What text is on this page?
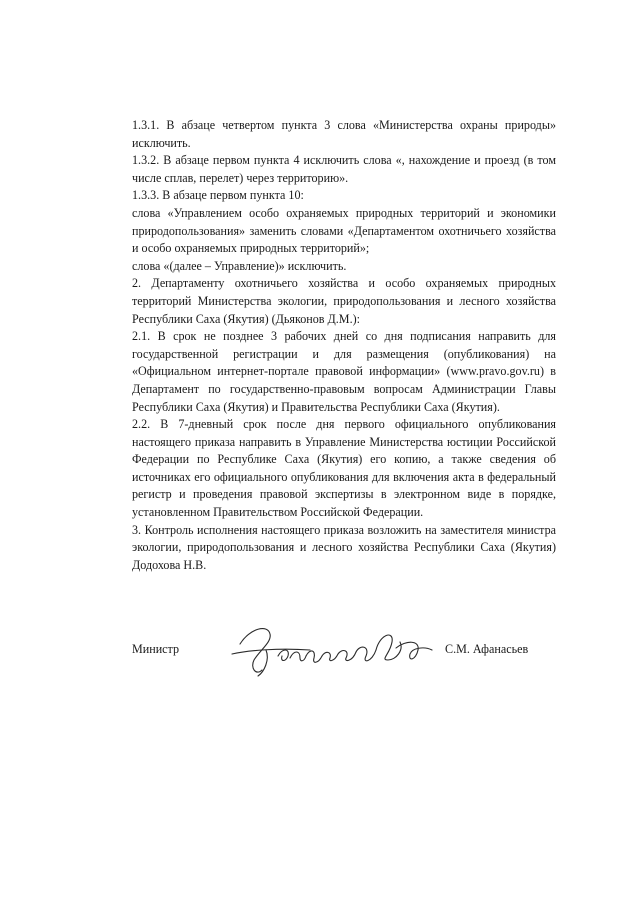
1.3.1. В абзаце четвертом пункта 3 слова «Министерства охраны природы» исключить.

1.3.2. В абзаце первом пункта 4 исключить слова «, нахождение и проезд (в том числе сплав, перелет) через территорию».

1.3.3. В абзаце первом пункта 10:

слова «Управлением особо охраняемых природных территорий и экономики природопользования» заменить словами «Департаментом охотничьего хозяйства и особо охраняемых природных территорий»;

слова «(далее – Управление)» исключить.

2. Департаменту охотничьего хозяйства и особо охраняемых природных территорий Министерства экологии, природопользования и лесного хозяйства Республики Саха (Якутия) (Дьяконов Д.М.):

2.1. В срок не позднее 3 рабочих дней со дня подписания направить для государственной регистрации и для размещения (опубликования) на «Официальном интернет-портале правовой информации» (www.pravo.gov.ru) в Департамент по государственно-правовым вопросам Администрации Главы Республики Саха (Якутия) и Правительства Республики Саха (Якутия).

2.2. В 7-дневный срок после дня первого официального опубликования настоящего приказа направить в Управление Министерства юстиции Российской Федерации по Республике Саха (Якутия) его копию, а также сведения об источниках его официального опубликования для включения акта в федеральный регистр и проведения правовой экспертизы в электронном виде в порядке, установленном Правительством Российской Федерации.

3. Контроль исполнения настоящего приказа возложить на заместителя министра экологии, природопользования и лесного хозяйства Республики Саха (Якутия) Додохова Н.В.

Министр	С.М. Афанасьев
